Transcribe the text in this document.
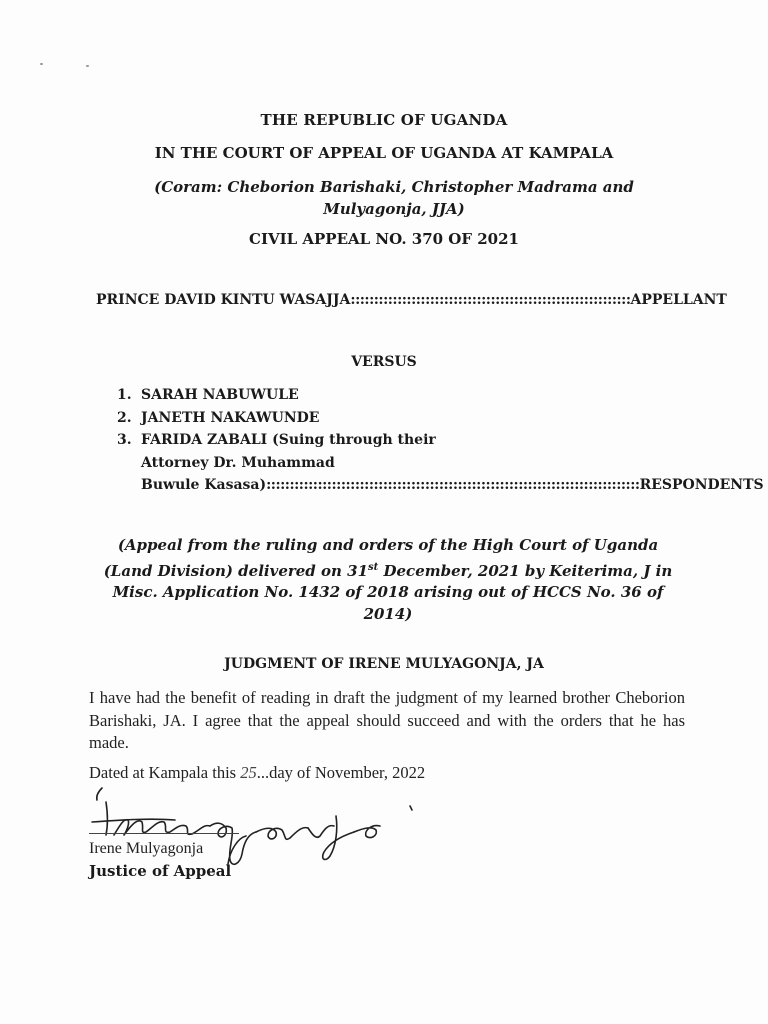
THE REPUBLIC OF UGANDA
IN THE COURT OF APPEAL OF UGANDA AT KAMPALA
(Coram: Cheborion Barishaki, Christopher Madrama and Mulyagonja, JJA)
CIVIL APPEAL NO. 370 OF 2021
PRINCE DAVID KINTU WASAJJA :::::::::::::::::::::::::::::::::::::::::::::::::::::::::::: APPELLANT
VERSUS
1. SARAH NABUWULE
2. JANETH NAKAWUNDE
3. FARIDA ZABALI (Suing through their
Attorney Dr. Muhammad
Buwule Kasasa) :::::::::::::::::::::::::::::::::::::::::::::::::::::::::::::::::::::::::::::::: RESPONDENTS
(Appeal from the ruling and orders of the High Court of Uganda (Land Division) delivered on 31st December, 2021 by Keiterima, J in Misc. Application No. 1432 of 2018 arising out of HCCS No. 36 of 2014)
JUDGMENT OF IRENE MULYAGONJA, JA
I have had the benefit of reading in draft the judgment of my learned brother Cheborion Barishaki, JA. I agree that the appeal should succeed and with the orders that he has made.
Dated at Kampala this 25...day of November, 2022
Irene Mulyagonja
Justice of Appeal
